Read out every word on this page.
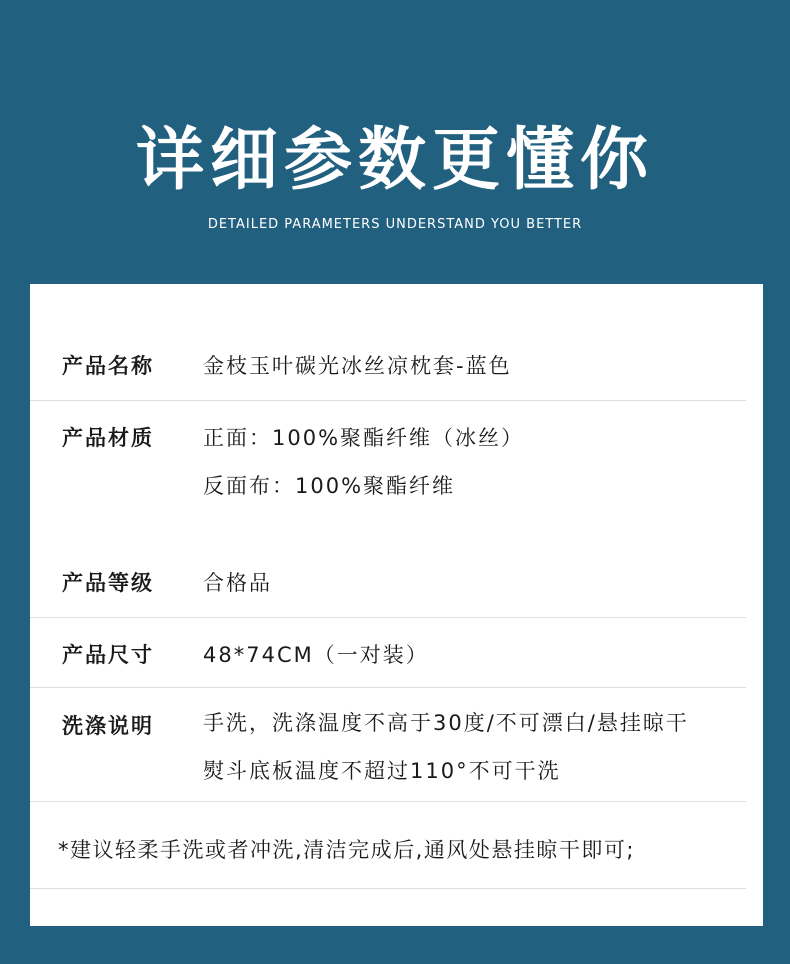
详细参数更懂你
DETAILED PARAMETERS UNDERSTAND YOU BETTER
产品名称 金枝玉叶碳光冰丝凉枕套-蓝色
产品材质 正面：100%聚酯纤维（冰丝）
反面布：100%聚酯纤维
产品等级 合格品
产品尺寸 48*74CM（一对装）
洗涤说明 手洗，洗涤温度不高于30度/不可漂白/悬挂晾干
熨斗底板温度不超过110°不可干洗
*建议轻柔手洗或者冲洗,清洁完成后,通风处悬挂晾干即可;
